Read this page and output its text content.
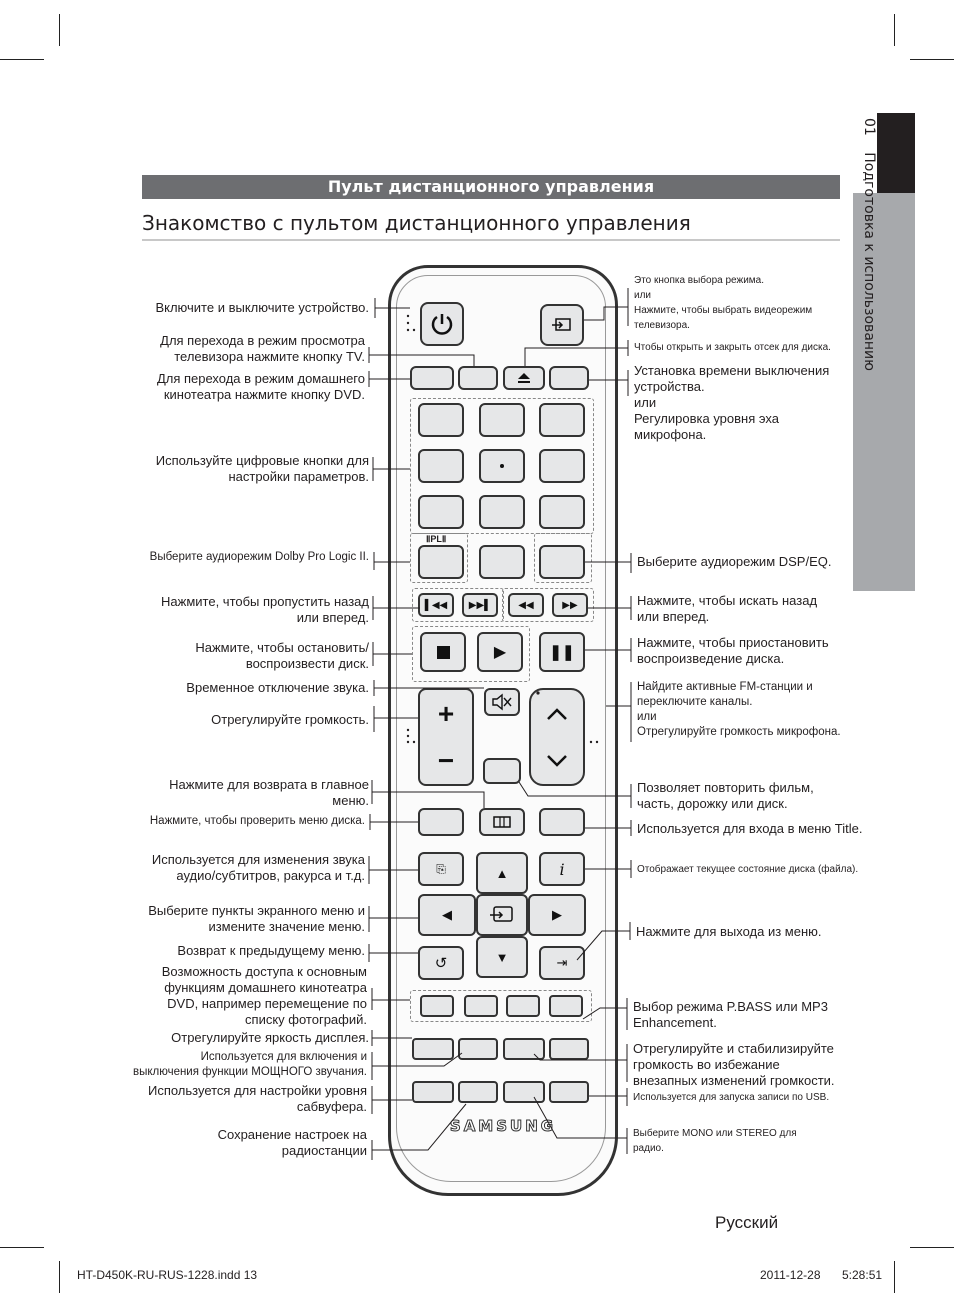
01 Подготовка к использованию
Пульт дистанционного управления
Знакомство с пультом дистанционного управления
ⅡPLⅡ
▌◀◀ ▶▶▌	◀◀	▶▶
▶	❚❚
+
−
⎘	i
▲
◀	▶
▼
↺	⇥
SAMSUNG
Включите и выключите устройство.
Для перехода в режим просмотра
телевизора нажмите кнопку TV.
Для перехода в режим домашнего
кинотеатра нажмите кнопку DVD.
Используйте цифровые кнопки для
настройки параметров.
Выберите аудиорежим Dolby Pro Logic II.
Нажмите, чтобы пропустить назад
или вперед.
Нажмите, чтобы остановить/
воспроизвести диск.
Временное отключение звука.
Отрегулируйте громкость.
Нажмите для возврата в главное
меню.
Нажмите, чтобы проверить меню диска.
Используется для изменения звука
аудио/субтитров, ракурса и т.д.
Выберите пункты экранного меню и
измените значение меню.
Возврат к предыдущему меню.
Возможность доступа к основным
функциям домашнего кинотеатра
DVD, например перемещение по
списку фотографий.
Отрегулируйте яркость дисплея.
Используется для включения и
выключения функции МОЩНОГО звучания.
Используется для настройки уровня
сабвуфера.
Сохранение настроек на
радиостанции
Это кнопка выбора режима.
или
Нажмите, чтобы выбрать видеорежим
телевизора.
Чтобы открыть и закрыть отсек для диска.
Установка времени выключения
устройства.
или
Регулировка уровня эха
микрофона.
Выберите аудиорежим DSP/EQ.
Нажмите, чтобы искать назад
или вперед.
Нажмите, чтобы приостановить
воспроизведение диска.
Найдите активные FM-станции и
переключите каналы.
или
Отрегулируйте громкость микрофона.
Позволяет повторить фильм,
часть, дорожку или диск.
Используется для входа в меню Title.
Отображает текущее состояние диска (файла).
Нажмите для выхода из меню.
Выбор режима P.BASS или MP3
Enhancement.
Отрегулируйте и стабилизируйте
громкость во избежание
внезапных изменений громкости.
Используется для запуска записи по USB.
Выберите MONO или STEREO для
радио.
Русский
HT-D450K-RU-RUS-1228.indd 13	2011-12-28 5:28:51
